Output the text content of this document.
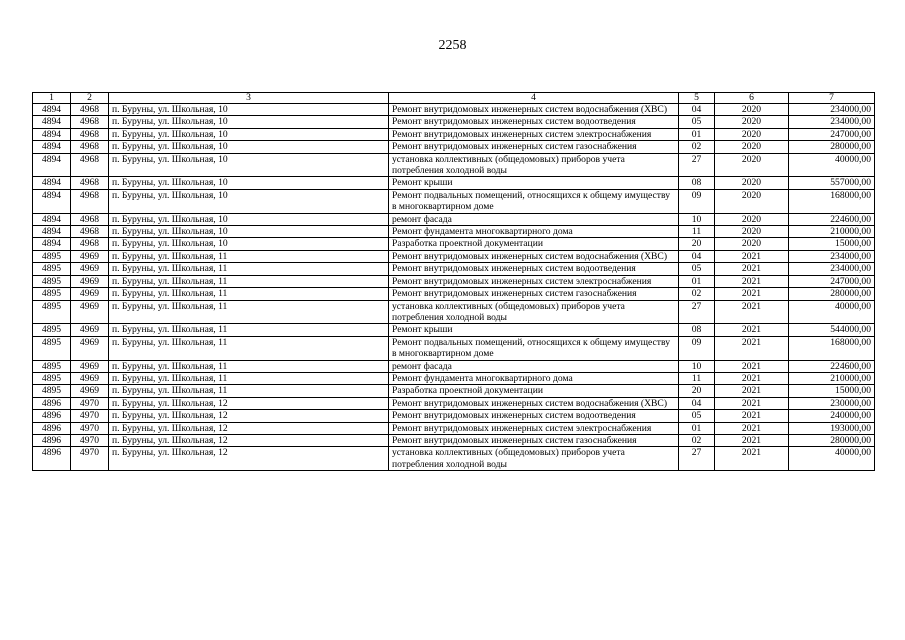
2258
1	2	3	4	5	6	7
4894	4968	п. Буруны, ул. Школьная, 10	Ремонт внутридомовых инженерных систем водоснабжения (ХВС)	04	2020	234000,00
4894	4968	п. Буруны, ул. Школьная, 10	Ремонт внутридомовых инженерных систем водоотведения	05	2020	234000,00
4894	4968	п. Буруны, ул. Школьная, 10	Ремонт внутридомовых инженерных систем электроснабжения	01	2020	247000,00
4894	4968	п. Буруны, ул. Школьная, 10	Ремонт внутридомовых инженерных систем газоснабжения	02	2020	280000,00
4894	4968	п. Буруны, ул. Школьная, 10	установка коллективных (общедомовых) приборов учета потребления холодной воды	27	2020	40000,00
4894	4968	п. Буруны, ул. Школьная, 10	Ремонт крыши	08	2020	557000,00
4894	4968	п. Буруны, ул. Школьная, 10	Ремонт подвальных помещений, относящихся к общему имуществу в многоквартирном доме	09	2020	168000,00
4894	4968	п. Буруны, ул. Школьная, 10	ремонт фасада	10	2020	224600,00
4894	4968	п. Буруны, ул. Школьная, 10	Ремонт фундамента многоквартирного дома	11	2020	210000,00
4894	4968	п. Буруны, ул. Школьная, 10	Разработка проектной документации	20	2020	15000,00
4895	4969	п. Буруны, ул. Школьная, 11	Ремонт внутридомовых инженерных систем водоснабжения (ХВС)	04	2021	234000,00
4895	4969	п. Буруны, ул. Школьная, 11	Ремонт внутридомовых инженерных систем водоотведения	05	2021	234000,00
4895	4969	п. Буруны, ул. Школьная, 11	Ремонт внутридомовых инженерных систем электроснабжения	01	2021	247000,00
4895	4969	п. Буруны, ул. Школьная, 11	Ремонт внутридомовых инженерных систем газоснабжения	02	2021	280000,00
4895	4969	п. Буруны, ул. Школьная, 11	установка коллективных (общедомовых) приборов учета потребления холодной воды	27	2021	40000,00
4895	4969	п. Буруны, ул. Школьная, 11	Ремонт крыши	08	2021	544000,00
4895	4969	п. Буруны, ул. Школьная, 11	Ремонт подвальных помещений, относящихся к общему имуществу в многоквартирном доме	09	2021	168000,00
4895	4969	п. Буруны, ул. Школьная, 11	ремонт фасада	10	2021	224600,00
4895	4969	п. Буруны, ул. Школьная, 11	Ремонт фундамента многоквартирного дома	11	2021	210000,00
4895	4969	п. Буруны, ул. Школьная, 11	Разработка проектной документации	20	2021	15000,00
4896	4970	п. Буруны, ул. Школьная, 12	Ремонт внутридомовых инженерных систем водоснабжения (ХВС)	04	2021	230000,00
4896	4970	п. Буруны, ул. Школьная, 12	Ремонт внутридомовых инженерных систем водоотведения	05	2021	240000,00
4896	4970	п. Буруны, ул. Школьная, 12	Ремонт внутридомовых инженерных систем электроснабжения	01	2021	193000,00
4896	4970	п. Буруны, ул. Школьная, 12	Ремонт внутридомовых инженерных систем газоснабжения	02	2021	280000,00
4896	4970	п. Буруны, ул. Школьная, 12	установка коллективных (общедомовых) приборов учета потребления холодной воды	27	2021	40000,00
